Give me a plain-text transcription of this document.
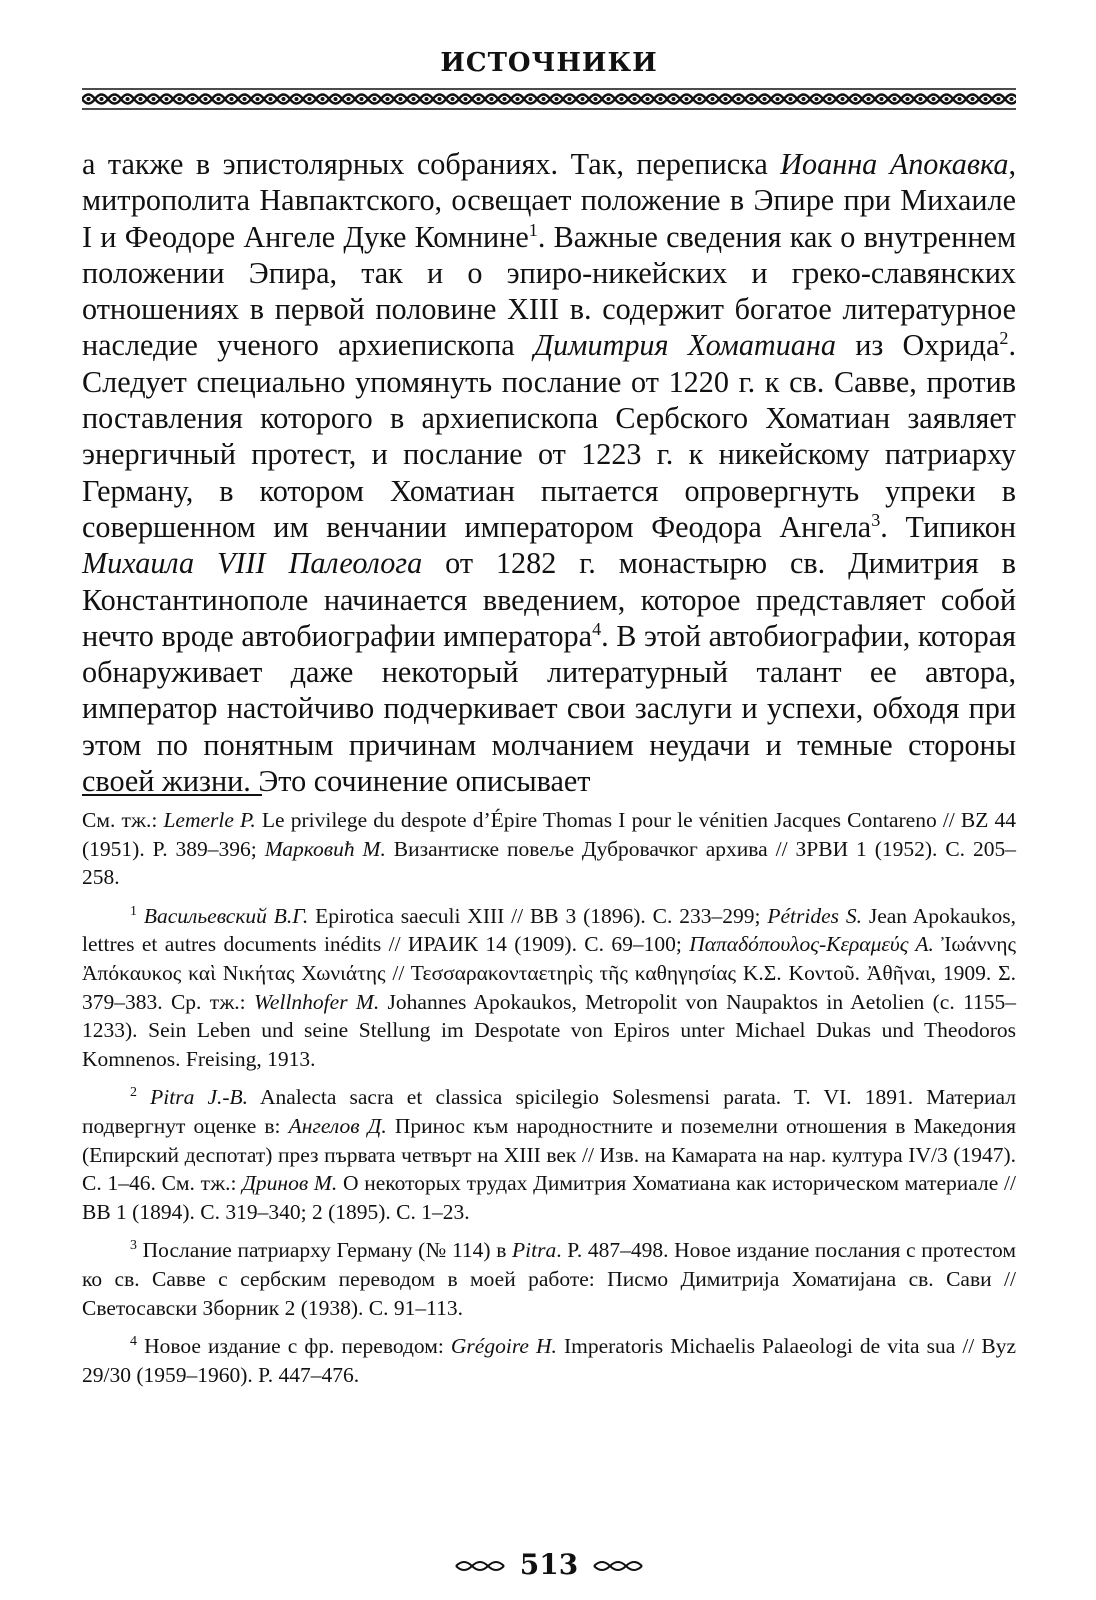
ИСТОЧНИКИ

а также в эпистолярных собраниях. Так, переписка Иоанна Апокавка, митрополита Навпактского, освещает положение в Эпире при Михаиле I и Феодоре Ангеле Дуке Комнине$^1$. Важные сведения как о внутреннем положении Эпира, так и о эпиро-никейских и греко-славянских отношениях в первой половине XIII в. содержит богатое литературное наследие ученого архиепископа Димитрия Хоматиана из Охрида$^2$. Следует специально упомянуть послание от 1220 г. к св. Савве, против поставления которого в архиепископа Сербского Хоматиан заявляет энергичный протест, и послание от 1223 г. к никейскому патриарху Герману, в котором Хоматиан пытается опровергнуть упреки в совершенном им венчании императором Феодора Ангела$^3$. Типикон Михаила VIII Палеолога от 1282 г. монастырю св. Димитрия в Константинополе начинается введением, которое представляет собой нечто вроде автобиографии императора$^4$. В этой автобиографии, которая обнаруживает даже некоторый литературный талант ее автора, император настойчиво подчеркивает свои заслуги и успехи, обходя при этом по понятным причинам молчанием неудачи и темные стороны своей жизни. Это сочинение описывает

См. тж.: Lemerle P. Le privilege du despote d’Épire Thomas I pour le vénitien Jacques Contareno // BZ 44 (1951). P. 389–396; Марковић М. Византиске повеље Дубровачког архива // ЗРВИ 1 (1952). С. 205–258.

$^1$ Васильевский В.Г. Epirotica saeculi XIII // ВВ 3 (1896). С. 233–299; Pétrides S. Jean Apokaukos, lettres et autres documents inédits // ИРАИК 14 (1909). С. 69–100; Παπαδόπουλος-Κεραμεύς Α. Ἰωάννης Ἀπόκαυκος καὶ Νικήτας Χωνιάτης // Τεσσαρακονταετηρὶς τῆς καθηγησίας Κ.Σ. Κοντοῦ. Ἀθῆναι, 1909. Σ. 379–383. Ср. тж.: Wellnhofer M. Johannes Apokaukos, Metropolit von Naupaktos in Aetolien (c. 1155–1233). Sein Leben und seine Stellung im Despotate von Epiros unter Michael Dukas und Theodoros Komnenos. Freising, 1913.

$^2$ Pitra J.-B. Analecta sacra et classica spicilegio Solesmensi parata. T. VI. 1891. Материал подвергнут оценке в: Ангелов Д. Принос към народностните и поземелни отношения в Македония (Епирский деспотат) през първата четвърт на XIII век // Изв. на Камарата на нар. култура IV/3 (1947). С. 1–46. См. тж.: Дринов М. О некоторых трудах Димитрия Хоматиана как историческом материале // ВВ 1 (1894). С. 319–340; 2 (1895). С. 1–23.

$^3$ Послание патриарху Герману (№ 114) в Pitra. P. 487–498. Новое издание послания с протестом ко св. Савве с сербским переводом в моей работе: Писмо Димитрија Хоматијана св. Сави // Светосавски Зборник 2 (1938). С. 91–113.

$^4$ Новое издание с фр. переводом: Grégoire H. Imperatoris Michaelis Palaeologi de vita sua // Byz 29/30 (1959–1960). P. 447–476.

513
